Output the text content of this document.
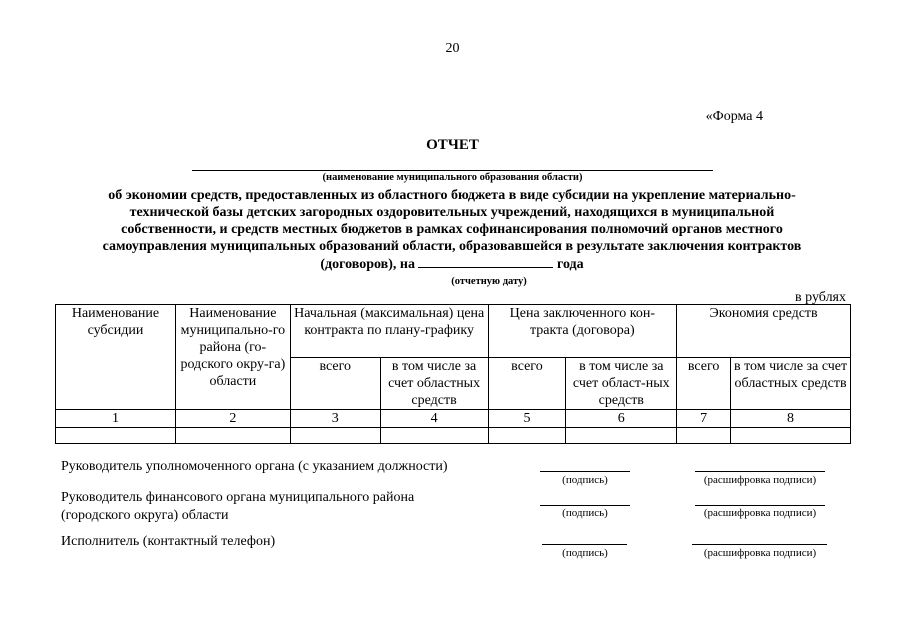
20
«Форма 4
ОТЧЕТ
(наименование муниципального образования области)
об экономии средств, предоставленных из областного бюджета в виде субсидии на укрепление материально-
технической базы детских загородных оздоровительных учреждений, находящихся в муниципальной
собственности, и средств местных бюджетов в рамках софинансирования полномочий органов местного
самоуправления муниципальных образований области, образовавшейся в результате заключения контрактов
(договоров), на	года
(отчетную дату)
в рублях
Наименование субсидии	Наименование муниципально-го района (го-родского окру-га) области	Начальная (максимальная) цена контракта по плану-графику		Цена заключенного кон-тракта (договора)		Экономия средств	
		всего	в том числе за счет областных средств	всего	в том числе за счет област-ных средств	всего	в том числе за счет областных средств
1	2	3	4	5	6	7	8

Руководитель уполномоченного органа (с указанием должности)
(подпись)	(расшифровка подписи)
Руководитель финансового органа муниципального района (городского округа) области	(подпись)	(расшифровка подписи)
Исполнитель (контактный телефон)
(подпись)	(расшифровка подписи)
